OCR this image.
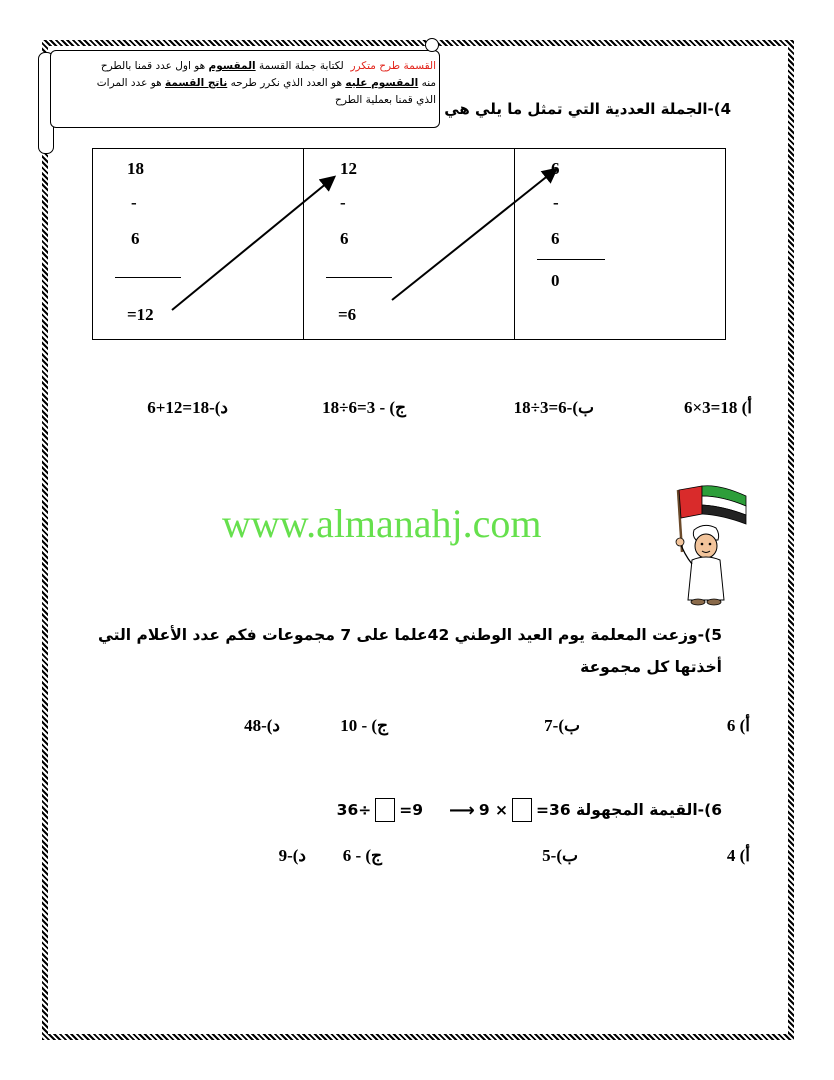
القسمة طرح متكرر  لكتابة جملة القسمة المقسوم هو اول عدد قمنا بالطرح
منه المقسوم عليه هو العدد الذي نكرر طرحه ناتج القسمة هو عدد المرات
الذي قمنا بعملية الطرح 4)-الجملة العددية التي تمثل ما يلي هي
18
-
6
=12

12
-
6
=6

6
-
6
0
أ) 18=3×6
ب)-6=3÷18
ج) - 3=6÷18
د)-18=12+6
www.almanahj.com
5)-وزعت المعلمة يوم العيد الوطني 42علما على 7 مجموعات فكم عدد الأعلام التي
أخذتها كل مجموعة
أ) 6
ب)-7
ج) - 10
د)-48
6)-القيمة المجهولة 36=
× 9
⟶
9=
÷36
أ) 4
ب)-5
ج) - 6
د)-9
